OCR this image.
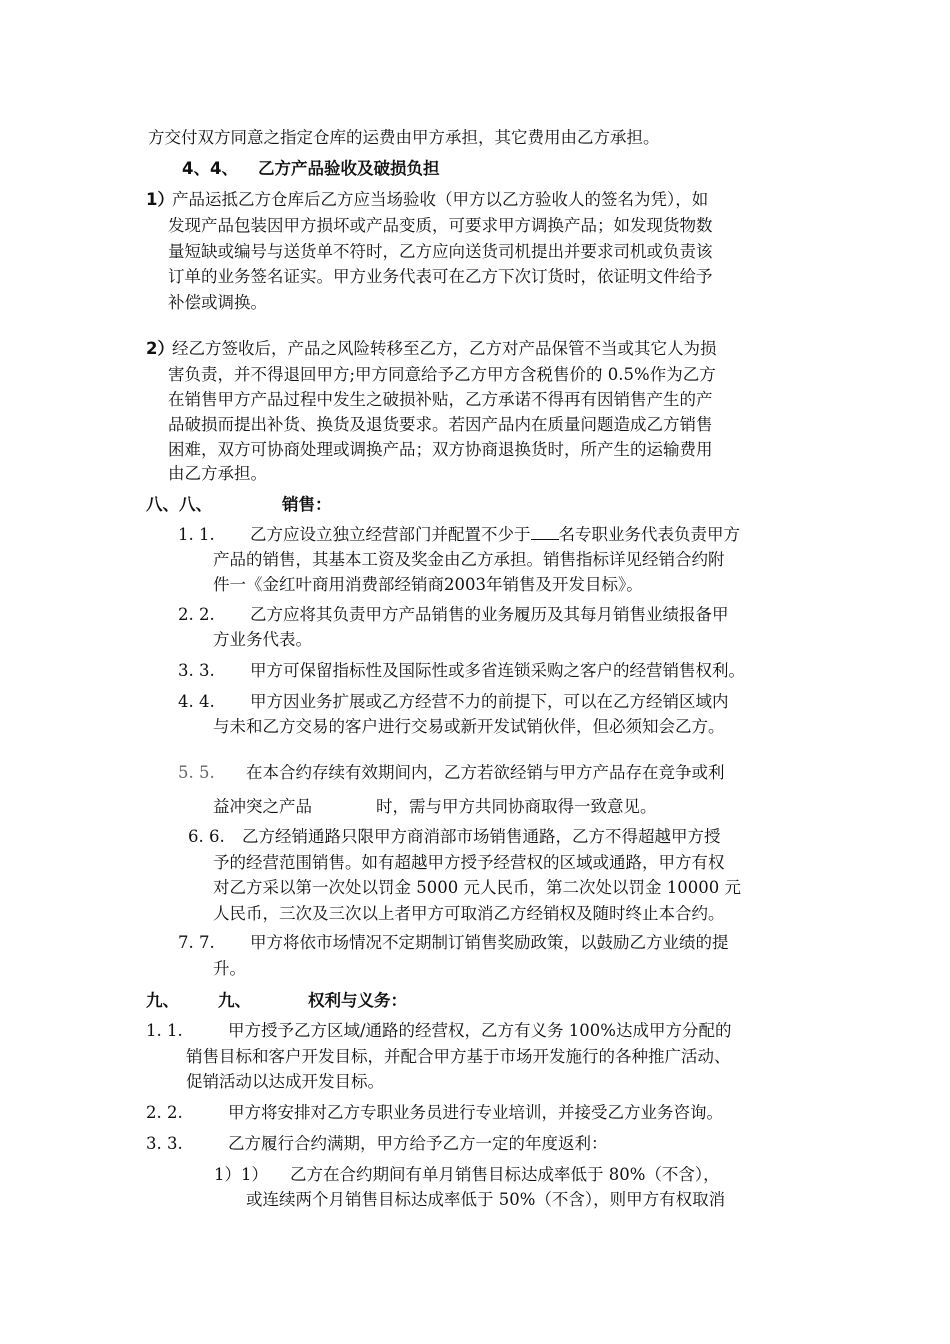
方交付双方同意之指定仓库的运费由甲方承担，其它费用由乙方承担。
4、4、 乙方产品验收及破损负担
1）
产品运抵乙方仓库后乙方应当场验收（甲方以乙方验收人的签名为凭），如
发现产品包装因甲方损坏或产品变质，可要求甲方调换产品；如发现货物数
量短缺或编号与送货单不符时，乙方应向送货司机提出并要求司机或负责该
订单的业务签名证实。甲方业务代表可在乙方下次订货时，依证明文件给予
补偿或调换。
2）
经乙方签收后，产品之风险转移至乙方，乙方对产品保管不当或其它人为损
害负责，并不得退回甲方;甲方同意给予乙方甲方含税售价的 0.5%作为乙方
在销售甲方产品过程中发生之破损补贴，乙方承诺不得再有因销售产生的产
品破损而提出补货、换货及退货要求。若因产品内在质量问题造成乙方销售
困难，双方可协商处理或调换产品；双方协商退换货时，所产生的运输费用
由乙方承担。
八、八、	销售：
1. 1. 乙方应设立独立经营部门并配置不少于 名专职业务代表负责甲方
产品的销售，其基本工资及奖金由乙方承担。销售指标详见经销合约附
件一《金红叶商用消费部经销商2003年销售及开发目标》。
2. 2. 乙方应将其负责甲方产品销售的业务履历及其每月销售业绩报备甲
方业务代表。
3. 3. 甲方可保留指标性及国际性或多省连锁采购之客户的经营销售权利。
4. 4. 甲方因业务扩展或乙方经营不力的前提下，可以在乙方经销区域内
与未和乙方交易的客户进行交易或新开发试销伙伴，但必须知会乙方。
5. 5. 在本合约存续有效期间内，乙方若欲经销与甲方产品存在竞争或利
益冲突之产品	时，需与甲方共同协商取得一致意见。
6. 6. 乙方经销通路只限甲方商消部市场销售通路，乙方不得超越甲方授
予的经营范围销售。如有超越甲方授予经营权的区域或通路，甲方有权
对乙方采以第一次处以罚金 5000 元人民币，第二次处以罚金 10000 元
人民币，三次及三次以上者甲方可取消乙方经销权及随时终止本合约。
7. 7. 甲方将依市场情况不定期制订销售奖励政策，以鼓励乙方业绩的提
升。
九、 九、	权利与义务：
1. 1.	甲方授予乙方区域/通路的经营权，乙方有义务 100%达成甲方分配的
销售目标和客户开发目标，并配合甲方基于市场开发施行的各种推广活动、
促销活动以达成开发目标。
2. 2.	甲方将安排对乙方专职业务员进行专业培训，并接受乙方业务咨询。
3. 3.	乙方履行合约满期，甲方给予乙方一定的年度返利：
1）1） 乙方在合约期间有单月销售目标达成率低于 80%（不含），
或连续两个月销售目标达成率低于 50%（不含），则甲方有权取消
